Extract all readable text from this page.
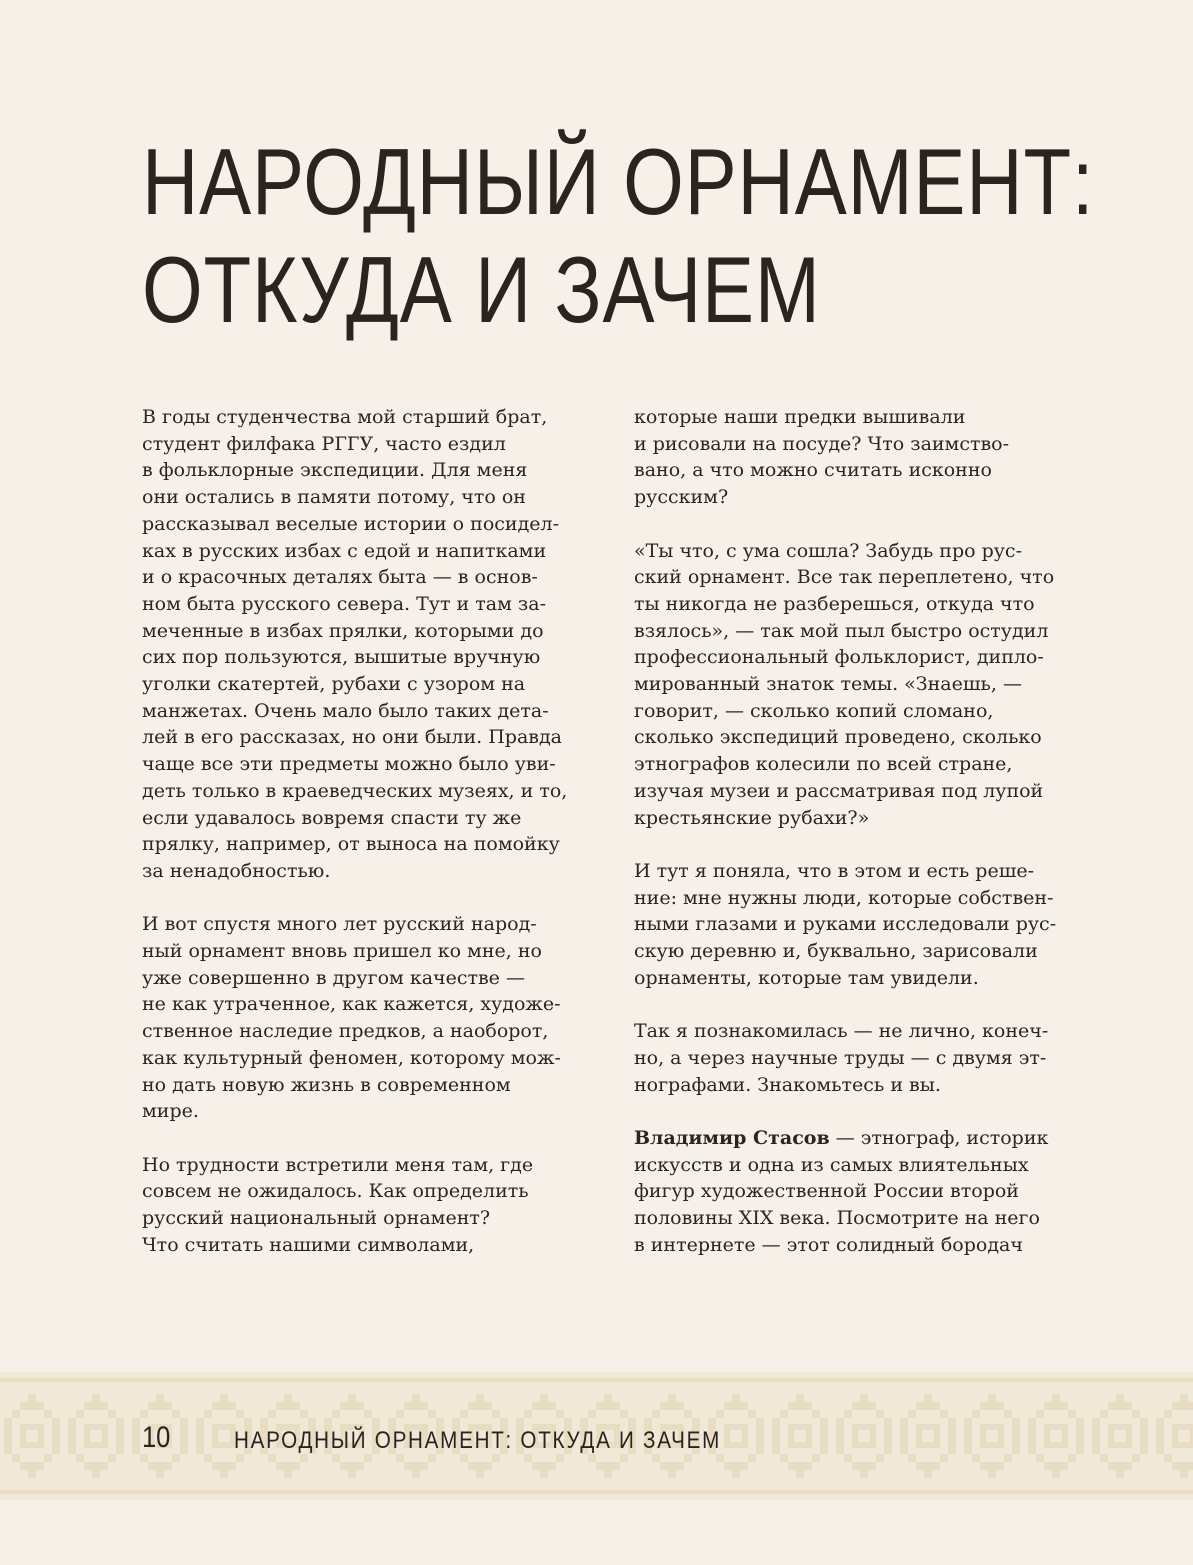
НАРОДНЫЙ ОРНАМЕНТ:
ОТКУДА И ЗАЧЕМ
В годы студенчества мой старший брат,
студент филфака РГГУ, часто ездил
в фольклорные экспедиции. Для меня
они остались в памяти потому, что он
рассказывал веселые истории о посидел-
ках в русских избах с едой и напитками
и о красочных деталях быта — в основ-
ном быта русского севера. Тут и там за-
меченные в избах прялки, которыми до
сих пор пользуются, вышитые вручную
уголки скатертей, рубахи с узором на
манжетах. Очень мало было таких дета-
лей в его рассказах, но они были. Правда
чаще все эти предметы можно было уви-
деть только в краеведческих музеях, и то,
если удавалось вовремя спасти ту же
прялку, например, от выноса на помойку
за ненадобностью.
И вот спустя много лет русский народ-
ный орнамент вновь пришел ко мне, но
уже совершенно в другом качестве —
не как утраченное, как кажется, художе-
ственное наследие предков, а наоборот,
как культурный феномен, которому мож-
но дать новую жизнь в современном
мире.
Но трудности встретили меня там, где
совсем не ожидалось. Как определить
русский национальный орнамент?
Что считать нашими символами,
которые наши предки вышивали
и рисовали на посуде? Что заимство-
вано, а что можно считать исконно
русским?
«Ты что, с ума сошла? Забудь про рус-
ский орнамент. Все так переплетено, что
ты никогда не разберешься, откуда что
взялось», — так мой пыл быстро остудил
профессиональный фольклорист, дипло-
мированный знаток темы. «Знаешь, —
говорит, — сколько копий сломано,
сколько экспедиций проведено, сколько
этнографов колесили по всей стране,
изучая музеи и рассматривая под лупой
крестьянские рубахи?»
И тут я поняла, что в этом и есть реше-
ние: мне нужны люди, которые собствен-
ными глазами и руками исследовали рус-
скую деревню и, буквально, зарисовали
орнаменты, которые там увидели.
Так я познакомилась — не лично, конеч-
но, а через научные труды — с двумя эт-
нографами. Знакомьтесь и вы.
Владимир Стасов — этнограф, историк
искусств и одна из самых влиятельных
фигур художественной России второй
половины XIX века. Посмотрите на него
в интернете — этот солидный бородач
10	НАРОДНЫЙ ОРНАМЕНТ: ОТКУДА И ЗАЧЕМ
